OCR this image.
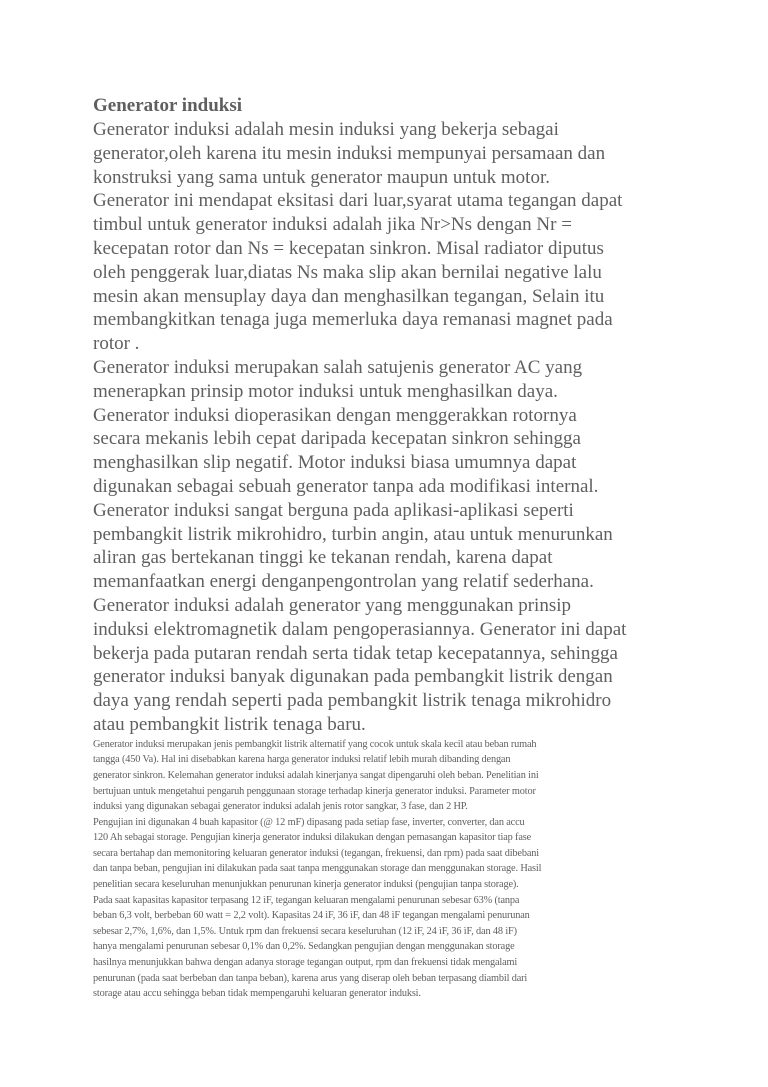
Generator induksi
Generator induksi adalah mesin induksi yang bekerja sebagai
generator,oleh karena itu mesin induksi mempunyai persamaan dan
konstruksi yang sama untuk generator maupun untuk motor.
Generator ini mendapat eksitasi dari luar,syarat utama tegangan dapat
timbul untuk generator induksi adalah jika Nr>Ns dengan Nr =
kecepatan rotor dan Ns = kecepatan sinkron. Misal radiator diputus
oleh penggerak luar,diatas Ns maka slip akan bernilai negative lalu
mesin akan mensuplay daya dan menghasilkan tegangan, Selain itu
membangkitkan tenaga juga memerluka daya remanasi magnet pada
rotor .
Generator induksi merupakan salah satujenis generator AC yang
menerapkan prinsip motor induksi untuk menghasilkan daya.
Generator induksi dioperasikan dengan menggerakkan rotornya
secara mekanis lebih cepat daripada kecepatan sinkron sehingga
menghasilkan slip negatif. Motor induksi biasa umumnya dapat
digunakan sebagai sebuah generator tanpa ada modifikasi internal.
Generator induksi sangat berguna pada aplikasi-aplikasi seperti
pembangkit listrik mikrohidro, turbin angin, atau untuk menurunkan
aliran gas bertekanan tinggi ke tekanan rendah, karena dapat
memanfaatkan energi denganpengontrolan yang relatif sederhana.
Generator induksi adalah generator yang menggunakan prinsip
induksi elektromagnetik dalam pengoperasiannya. Generator ini dapat
bekerja pada putaran rendah serta tidak tetap kecepatannya, sehingga
generator induksi banyak digunakan pada pembangkit listrik dengan
daya yang rendah seperti pada pembangkit listrik tenaga mikrohidro
atau pembangkit listrik tenaga baru.
Generator induksi merupakan jenis pembangkit listrik alternatif yang cocok untuk skala kecil atau beban rumah
tangga (450 Va). Hal ini disebabkan karena harga generator induksi relatif lebih murah dibanding dengan
generator sinkron. Kelemahan generator induksi adalah kinerjanya sangat dipengaruhi oleh beban. Penelitian ini
bertujuan untuk mengetahui pengaruh penggunaan storage terhadap kinerja generator induksi. Parameter motor
induksi yang digunakan sebagai generator induksi adalah jenis rotor sangkar, 3 fase, dan 2 HP.
Pengujian ini digunakan 4 buah kapasitor (@ 12 mF) dipasang pada setiap fase, inverter, converter, dan accu
120 Ah sebagai storage. Pengujian kinerja generator induksi dilakukan dengan pemasangan kapasitor tiap fase
secara bertahap dan memonitoring keluaran generator induksi (tegangan, frekuensi, dan rpm) pada saat dibebani
dan tanpa beban, pengujian ini dilakukan pada saat tanpa menggunakan storage dan menggunakan storage. Hasil
penelitian secara keseluruhan menunjukkan penurunan kinerja generator induksi (pengujian tanpa storage).
Pada saat kapasitas kapasitor terpasang 12 ìF, tegangan keluaran mengalami penurunan sebesar 63% (tanpa
beban 6,3 volt, berbeban 60 watt = 2,2 volt). Kapasitas 24 ìF, 36 ìF, dan 48 ìF tegangan mengalami penurunan
sebesar 2,7%, 1,6%, dan 1,5%. Untuk rpm dan frekuensi secara keseluruhan (12 ìF, 24 ìF, 36 ìF, dan 48 ìF)
hanya mengalami penurunan sebesar 0,1% dan 0,2%. Sedangkan pengujian dengan menggunakan storage
hasilnya menunjukkan bahwa dengan adanya storage tegangan output, rpm dan frekuensi tidak mengalami
penurunan (pada saat berbeban dan tanpa beban), karena arus yang diserap oleh beban terpasang diambil dari
storage atau accu sehingga beban tidak mempengaruhi keluaran generator induksi.
